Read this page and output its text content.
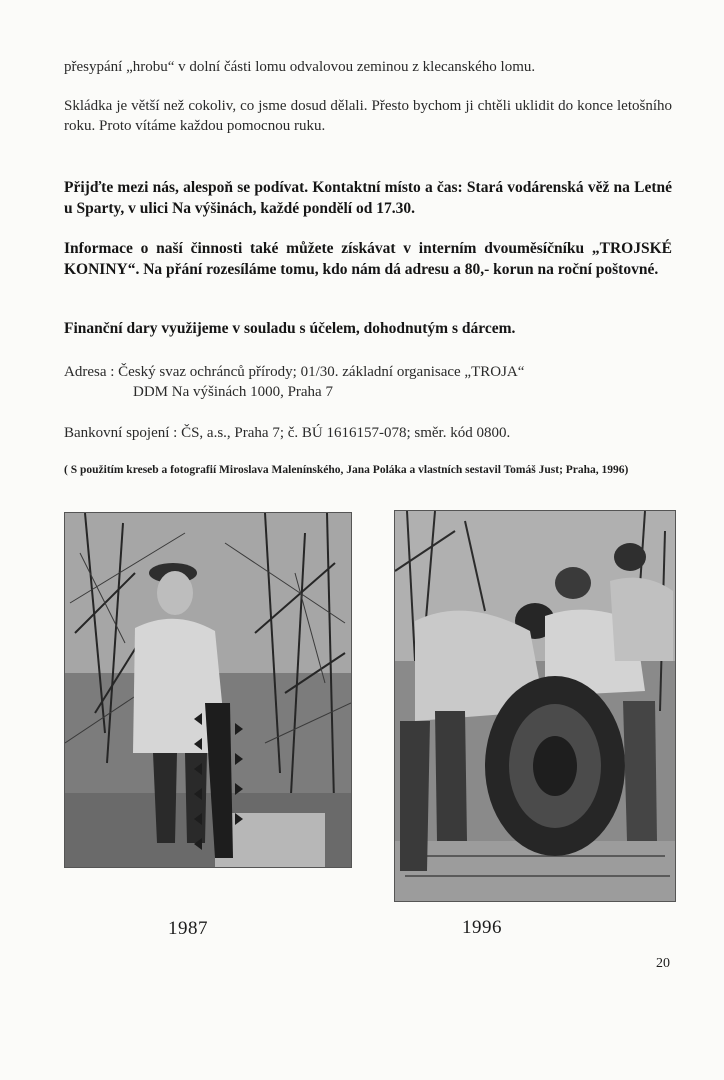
přesypání „hrobu“ v dolní části lomu odvalovou zeminou z klecanského lomu.

Skládka je větší než cokoliv, co jsme dosud dělali. Přesto bychom ji chtěli uklidit do konce letošního roku. Proto vítáme každou pomocnou ruku.

Přijďte mezi nás, alespoň se podívat. Kontaktní místo a čas: Stará vodárenská věž na Letné u Sparty, v ulici Na výšinách, každé pondělí od 17.30.

Informace o naší činnosti také můžete získávat v interním dvouměsíčníku „TROJSKÉ KONINY“. Na přání rozesíláme tomu, kdo nám dá adresu a 80,- korun na roční poštovné.

Finanční dary využijeme v souladu s účelem, dohodnutým s dárcem.

Adresa : Český svaz ochránců přírody; 01/30. základní organisace „TROJA“
DDM Na výšinách 1000, Praha 7

Bankovní spojení : ČS, a.s., Praha 7; č. BÚ 1616157-078; směr. kód 0800.

( S použitím kreseb a fotografií Miroslava Malenínského, Jana Poláka a vlastních sestavil Tomáš Just; Praha, 1996)

1987	1996
20
